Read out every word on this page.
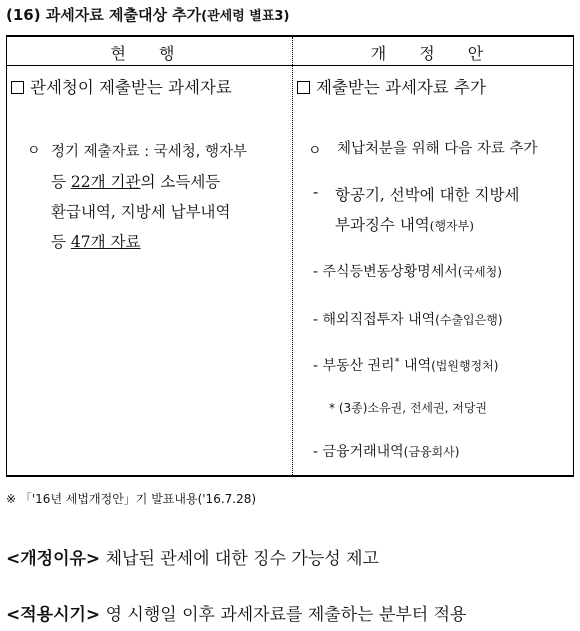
(16) 과세자료 제출대상 추가(관세령 별표3)
현 행	개 정 안
관세청이 제출받는 과세자료
ㅇ 정기 제출자료 : 국세청, 행자부
등 22개 기관의 소득세등
환급내역, 지방세 납부내역
등 47개 자료
제출받는 과세자료 추가
ㅇ 체납처분을 위해 다음 자료 추가
- 항공기, 선박에 대한 지방세
부과징수 내역(행자부)
- 주식등변동상황명세서(국세청)
- 해외직접투자 내역(수출입은행)
- 부동산 권리* 내역(법원행정처)
* (3종)소유권, 전세권, 저당권
- 금융거래내역(금융회사)
※ 「'16년 세법개정안」기 발표내용('16.7.28)
<개정이유> 체납된 관세에 대한 징수 가능성 제고
<적용시기> 영 시행일 이후 과세자료를 제출하는 분부터 적용
